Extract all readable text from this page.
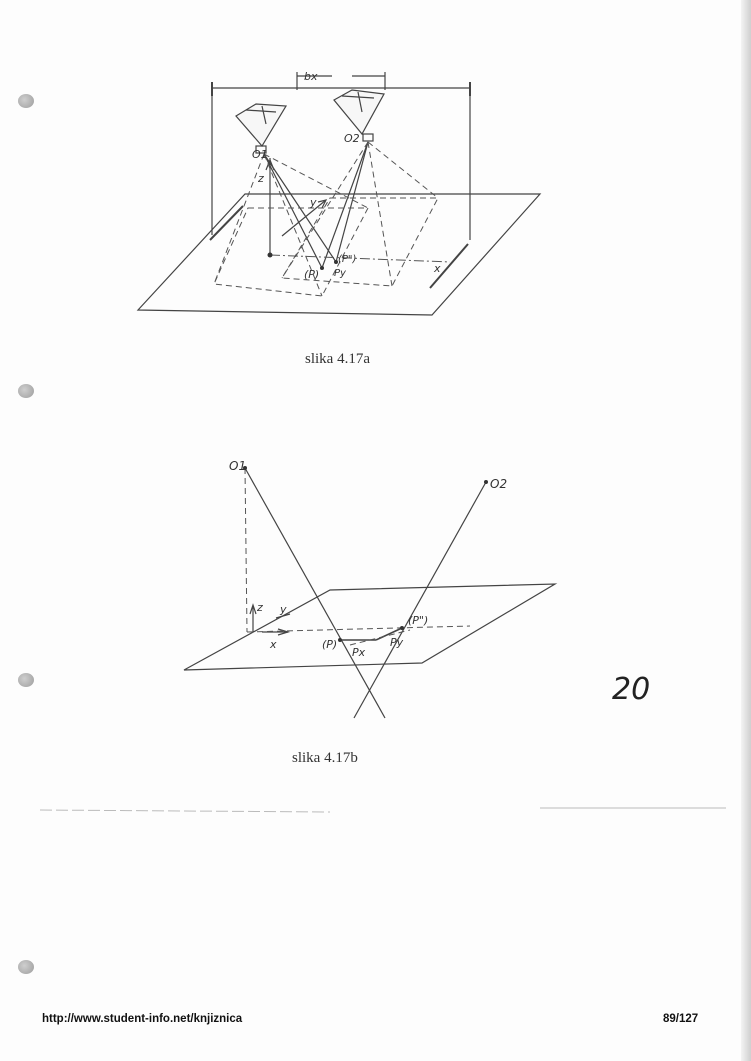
bx
O1
O2
z
y
x
(P)
(P")
Py
slika 4.17a
O1
O2
z y
x	(P)
(P")
Px
Py
slika 4.17b
20
http://www.student-info.net/knjiznica	89/127
